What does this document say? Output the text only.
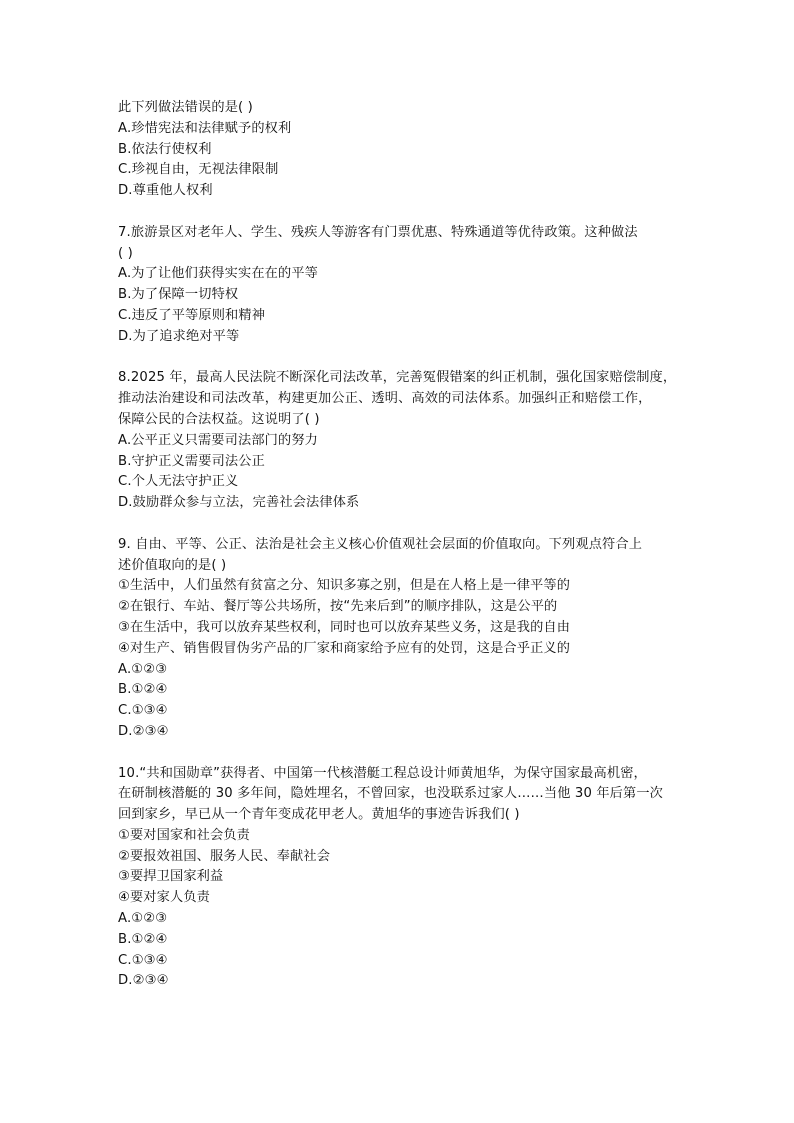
此下列做法错误的是( )
A.珍惜宪法和法律赋予的权利
B.依法行使权利
C.珍视自由，无视法律限制
D.尊重他人权利
7.旅游景区对老年人、学生、残疾人等游客有门票优惠、特殊通道等优待政策。这种做法
( )
A.为了让他们获得实实在在的平等
B.为了保障一切特权
C.违反了平等原则和精神
D.为了追求绝对平等
8.2025 年，最高人民法院不断深化司法改革，完善冤假错案的纠正机制，强化国家赔偿制度，
推动法治建设和司法改革，构建更加公正、透明、高效的司法体系。加强纠正和赔偿工作，
保障公民的合法权益。这说明了( )
A.公平正义只需要司法部门的努力
B.守护正义需要司法公正
C.个人无法守护正义
D.鼓励群众参与立法，完善社会法律体系
9. 自由、平等、公正、法治是社会主义核心价值观社会层面的价值取向。下列观点符合上
述价值取向的是( )
①生活中，人们虽然有贫富之分、知识多寡之别，但是在人格上是一律平等的
②在银行、车站、餐厅等公共场所，按“先来后到”的顺序排队，这是公平的
③在生活中，我可以放弃某些权利，同时也可以放弃某些义务，这是我的自由
④对生产、销售假冒伪劣产品的厂家和商家给予应有的处罚，这是合乎正义的
A.①②③
B.①②④
C.①③④
D.②③④
10.“共和国勋章”获得者、中国第一代核潜艇工程总设计师黄旭华，为保守国家最高机密，
在研制核潜艇的 30 多年间，隐姓埋名，不曾回家，也没联系过家人……当他 30 年后第一次
回到家乡，早已从一个青年变成花甲老人。黄旭华的事迹告诉我们( )
①要对国家和社会负责
②要报效祖国、服务人民、奉献社会
③要捍卫国家利益
④要对家人负责
A.①②③
B.①②④
C.①③④
D.②③④
